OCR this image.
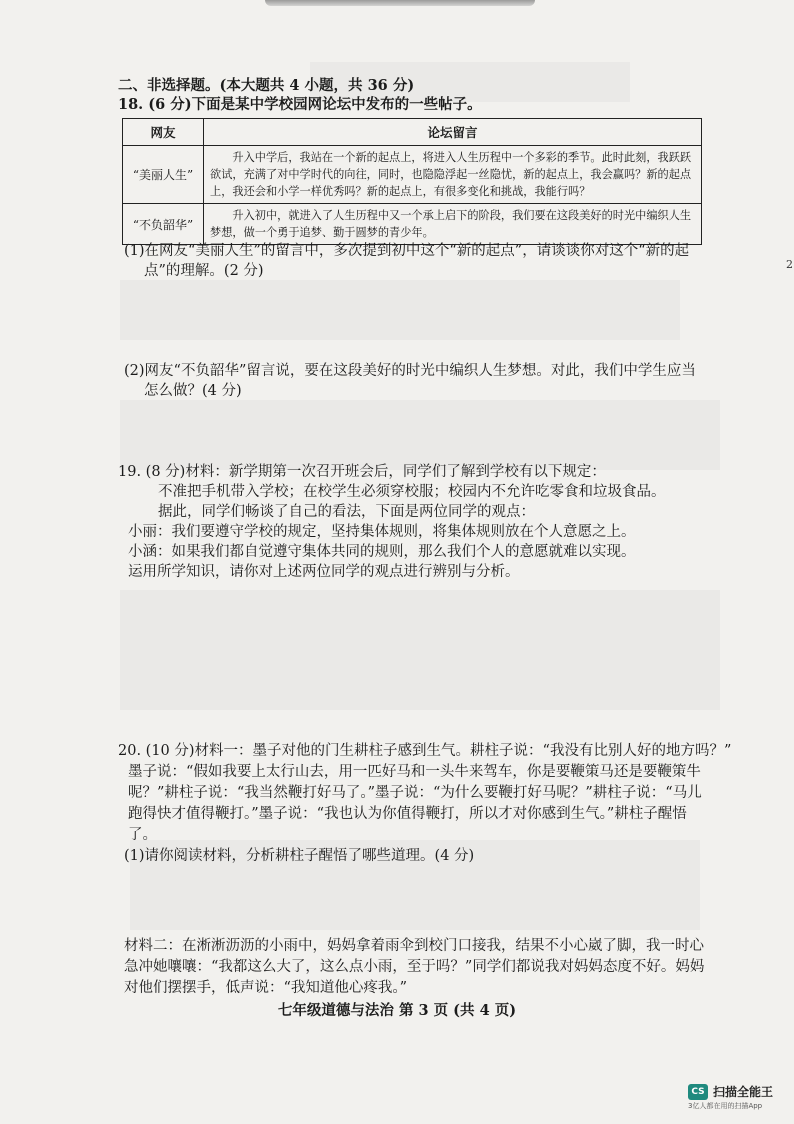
二、非选择题。(本大题共 4 小题，共 36 分)
18. (6 分)下面是某中学校园网论坛中发布的一些帖子。
网友	论坛留言
“美丽人生”	升入中学后，我站在一个新的起点上，将进入人生历程中一个多彩的季节。此时此刻，我跃跃欲试，充满了对中学时代的向往，同时，也隐隐浮起一丝隐忧，新的起点上，我会赢吗？新的起点上，我还会和小学一样优秀吗？新的起点上，有很多变化和挑战，我能行吗？
“不负韶华”	升入初中，就进入了人生历程中又一个承上启下的阶段，我们要在这段美好的时光中编织人生梦想，做一个勇于追梦、勤于圆梦的青少年。
(1)在网友“美丽人生”的留言中，多次提到初中这个“新的起点”，请谈谈你对这个“新的起
点”的理解。(2 分)
(2)网友“不负韶华”留言说，要在这段美好的时光中编织人生梦想。对此，我们中学生应当
怎么做？(4 分)
19. (8 分)材料：新学期第一次召开班会后，同学们了解到学校有以下规定：
不准把手机带入学校；在校学生必须穿校服；校园内不允许吃零食和垃圾食品。
据此，同学们畅谈了自己的看法，下面是两位同学的观点：
小丽：我们要遵守学校的规定，坚持集体规则，将集体规则放在个人意愿之上。
小涵：如果我们都自觉遵守集体共同的规则，那么我们个人的意愿就难以实现。
运用所学知识，请你对上述两位同学的观点进行辨别与分析。
20. (10 分)材料一：墨子对他的门生耕柱子感到生气。耕柱子说：“我没有比别人好的地方吗？”
墨子说：“假如我要上太行山去，用一匹好马和一头牛来驾车，你是要鞭策马还是要鞭策牛
呢？”耕柱子说：“我当然鞭打好马了。”墨子说：“为什么要鞭打好马呢？”耕柱子说：“马儿
跑得快才值得鞭打。”墨子说：“我也认为你值得鞭打，所以才对你感到生气。”耕柱子醒悟
了。
(1)请你阅读材料，分析耕柱子醒悟了哪些道理。(4 分)
材料二：在淅淅沥沥的小雨中，妈妈拿着雨伞到校门口接我，结果不小心崴了脚，我一时心
急冲她嚷嚷：“我都这么大了，这么点小雨，至于吗？”同学们都说我对妈妈态度不好。妈妈
对他们摆摆手，低声说：“我知道他心疼我。”
七年级道德与法治 第 3 页 (共 4 页)
2
CS 扫描全能王
3亿人都在用的扫描App
